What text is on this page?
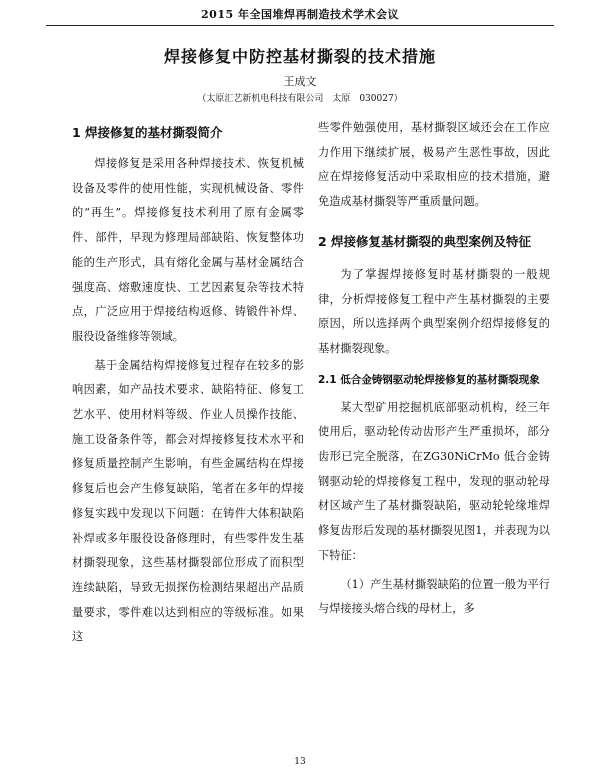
2015 年全国堆焊再制造技术学术会议
焊接修复中防控基材撕裂的技术措施
王成文
（太原汇艺新机电科技有限公司　太原　030027）
1 焊接修复的基材撕裂简介

焊接修复是采用各种焊接技术、恢复机械设备及零件的使用性能，实现机械设备、零件的“再生”。焊接修复技术利用了原有金属零件、部件，早现为修理局部缺陷、恢复整体功能的生产形式，具有熔化金属与基材金属结合强度高、熔敷速度快、工艺因素复杂等技术特点，广泛应用于焊接结构返修、铸锻件补焊、服役设备维修等领域。

基于金属结构焊接修复过程存在较多的影响因素，如产品技术要求、缺陷特征、修复工艺水平、使用材料等级、作业人员操作技能、施工设备条件等，都会对焊接修复技术水平和修复质量控制产生影响，有些金属结构在焊接修复后也会产生修复缺陷，笔者在多年的焊接修复实践中发现以下问题：在铸件大体积缺陷补焊或多年服役设备修理时，有些零件发生基材撕裂现象，这些基材撕裂部位形成了而积型连续缺陷，导致无损探伤检测结果超出产品质量要求，零件难以达到相应的等级标准。如果这

些零件勉强使用，基材撕裂区域还会在工作应力作用下继续扩展，极易产生恶性事故，因此应在焊接修复活动中采取相应的技术措施，避免造成基材撕裂等严重质量问题。

2 焊接修复基材撕裂的典型案例及特征

为了掌握焊接修复时基材撕裂的一般规律，分析焊接修复工程中产生基材撕裂的主要原因，所以选择两个典型案例介绍焊接修复的基材撕裂现象。

2.1 低合金铸钢驱动轮焊接修复的基材撕裂现象

某大型矿用挖掘机底部驱动机构，经三年使用后，驱动轮传动齿形产生严重损坏，部分齿形已完全脱落，在ZG30NiCrMo 低合金铸钢驱动轮的焊接修复工程中，发现的驱动轮母材区域产生了基材撕裂缺陷，驱动轮轮缘堆焊修复齿形后发现的基材撕裂见图1，并表现为以下特征：

（1）产生基材撕裂缺陷的位置一般为平行与焊接接头熔合线的母材上，多

13
